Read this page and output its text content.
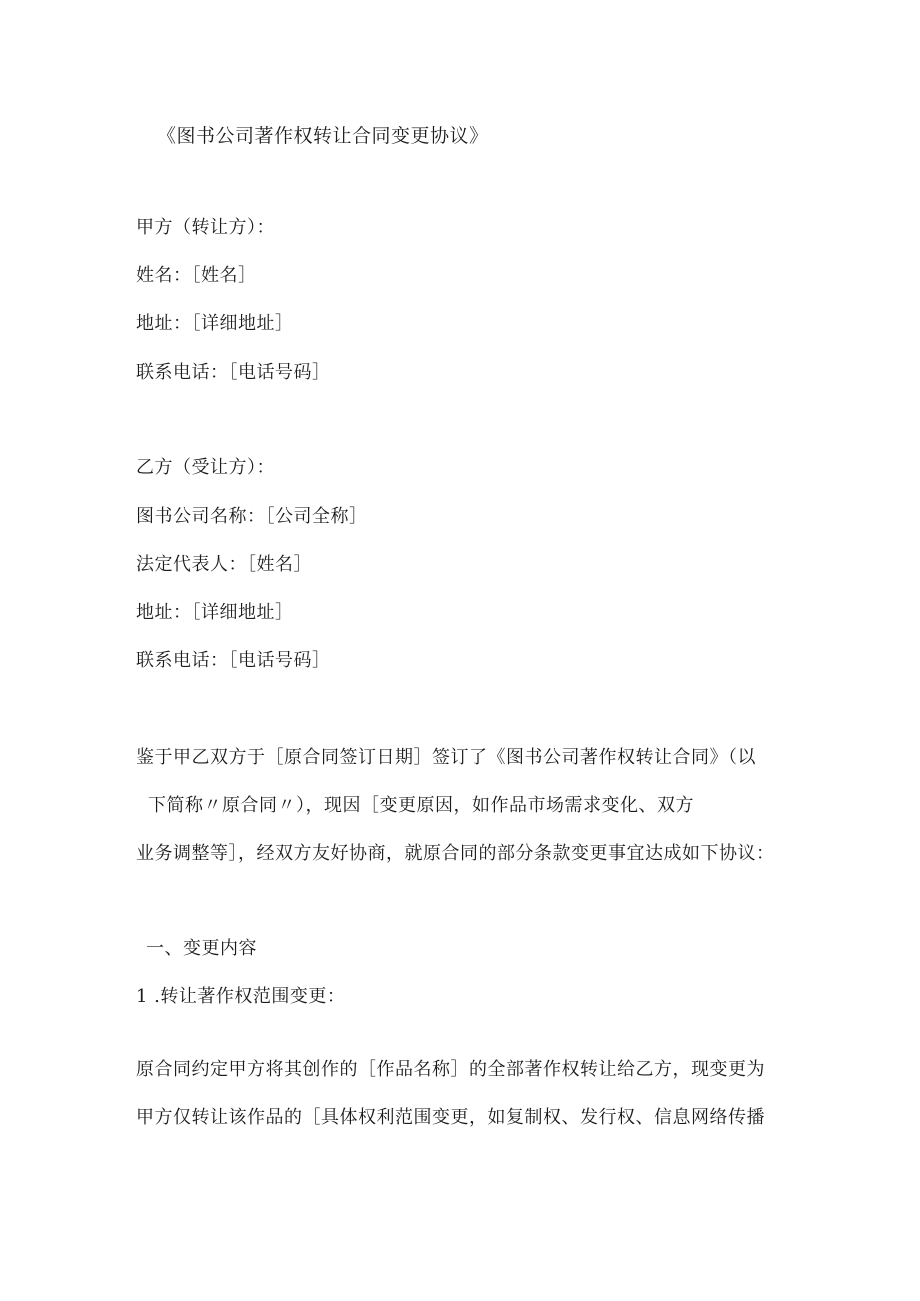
《图书公司著作权转让合同变更协议》
甲方（转让方）：
姓名：［姓名］
地址：［详细地址］
联系电话：［电话号码］
乙方（受让方）：
图书公司名称：［公司全称］
法定代表人：［姓名］
地址：［详细地址］
联系电话：［电话号码］
鉴于甲乙双方于［原合同签订日期］签订了《图书公司著作权转让合同》（以
下简称〃原合同〃），现因［变更原因，如作品市场需求变化、双方
业务调整等］，经双方友好协商，就原合同的部分条款变更事宜达成如下协议：
一、变更内容
1 .转让著作权范围变更：
原合同约定甲方将其创作的［作品名称］的全部著作权转让给乙方，现变更为
甲方仅转让该作品的［具体权利范围变更，如复制权、发行权、信息网络传播
